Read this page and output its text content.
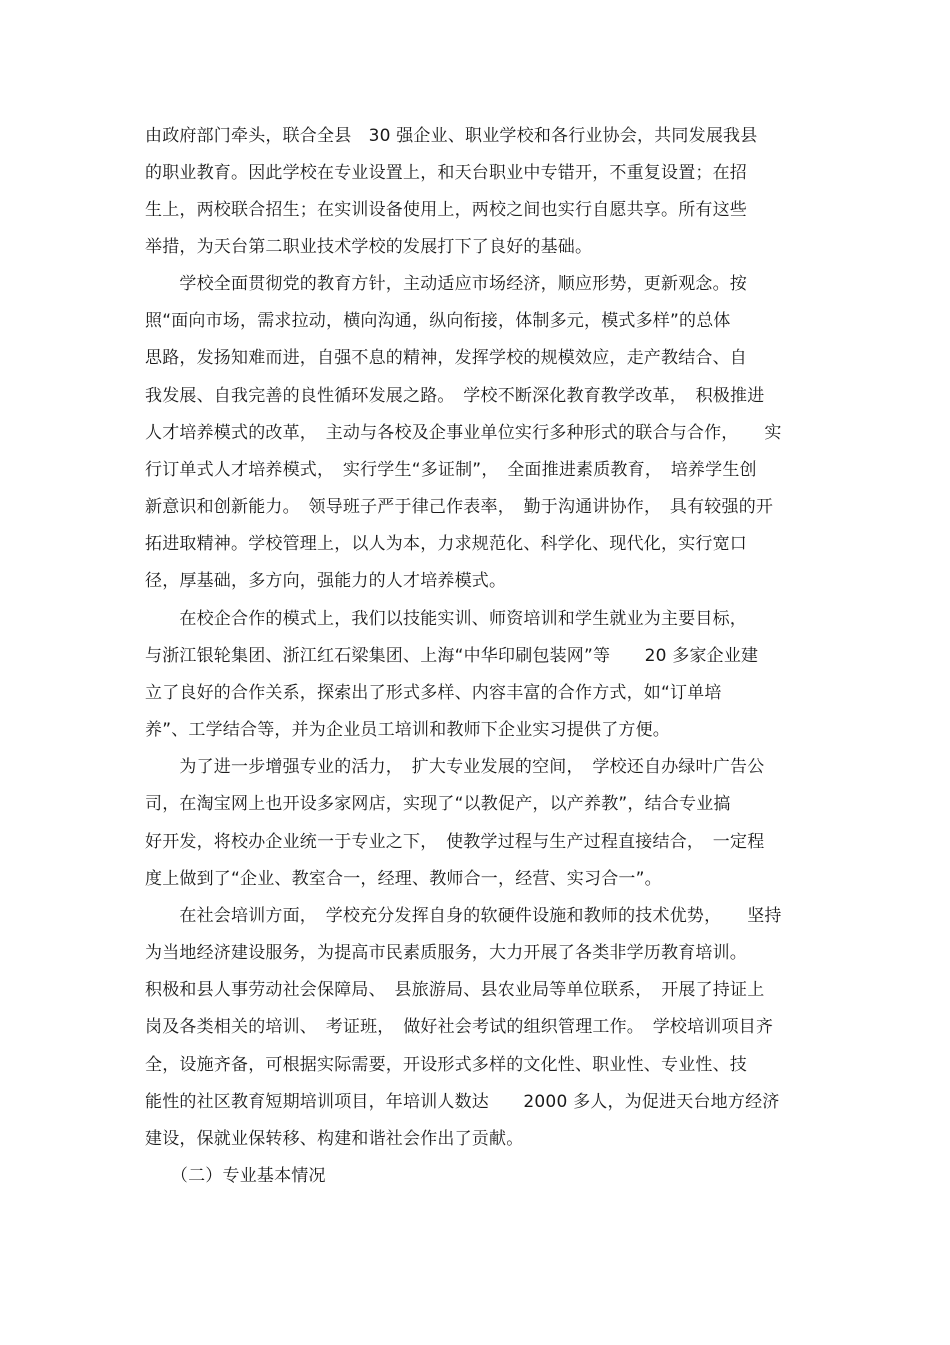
由政府部门牵头，联合全县　30 强企业、职业学校和各行业协会，共同发展我县
的职业教育。因此学校在专业设置上，和天台职业中专错开，不重复设置；在招
生上，两校联合招生；在实训设备使用上，两校之间也实行自愿共享。所有这些
举措，为天台第二职业技术学校的发展打下了良好的基础。
　　学校全面贯彻党的教育方针，主动适应市场经济，顺应形势，更新观念。按
照“面向市场，需求拉动，横向沟通，纵向衔接，体制多元，模式多样”的总体
思路，发扬知难而进，自强不息的精神，发挥学校的规模效应，走产教结合、自
我发展、自我完善的良性循环发展之路。　学校不断深化教育教学改革，　积极推进
人才培养模式的改革，　主动与各校及企事业单位实行多种形式的联合与合作，　　实
行订单式人才培养模式，　实行学生“多证制”，　全面推进素质教育，　培养学生创
新意识和创新能力。　领导班子严于律己作表率，　勤于沟通讲协作，　具有较强的开
拓进取精神。学校管理上，以人为本，力求规范化、科学化、现代化，实行宽口
径，厚基础，多方向，强能力的人才培养模式。
　　在校企合作的模式上，我们以技能实训、师资培训和学生就业为主要目标，
与浙江银轮集团、浙江红石梁集团、上海“中华印刷包装网”等　　20 多家企业建
立了良好的合作关系，探索出了形式多样、内容丰富的合作方式，如“订单培
养”、工学结合等，并为企业员工培训和教师下企业实习提供了方便。
　　为了进一步增强专业的活力，　扩大专业发展的空间，　学校还自办绿叶广告公
司，在淘宝网上也开设多家网店，实现了“以教促产，以产养教”，结合专业搞
好开发，将校办企业统一于专业之下，　使教学过程与生产过程直接结合，　一定程
度上做到了“企业、教室合一，经理、教师合一，经营、实习合一”。
　　在社会培训方面，　学校充分发挥自身的软硬件设施和教师的技术优势，　　坚持
为当地经济建设服务，为提高市民素质服务，大力开展了各类非学历教育培训。
积极和县人事劳动社会保障局、　县旅游局、县农业局等单位联系，　开展了持证上
岗及各类相关的培训、　考证班，　做好社会考试的组织管理工作。　学校培训项目齐
全，设施齐备，可根据实际需要，开设形式多样的文化性、职业性、专业性、技
能性的社区教育短期培训项目，年培训人数达　　2000 多人，为促进天台地方经济
建设，保就业保转移、构建和谐社会作出了贡献。
　　（二）专业基本情况
